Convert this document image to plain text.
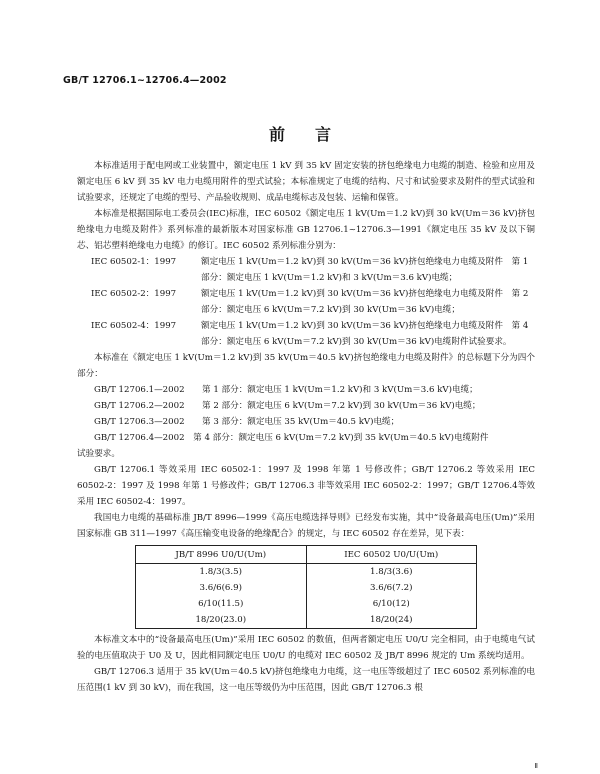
GB/T 12706.1~12706.4—2002
前言

本标准适用于配电网或工业装置中，额定电压 1 kV 到 35 kV 固定安装的挤包绝缘电力电缆的制造、检验和应用及额定电压 6 kV 到 35 kV 电力电缆用附件的型式试验；本标准规定了电缆的结构、尺寸和试验要求及附件的型式试验和试验要求，还规定了电缆的型号、产品验收规则、成品电缆标志及包装、运输和保管。

本标准是根据国际电工委员会(IEC)标准，IEC 60502《额定电压 1 kV(Um＝1.2 kV)到 30 kV(Um＝36 kV)挤包绝缘电力电缆及附件》系列标准的最新版本对国家标准 GB 12706.1~12706.3—1991《额定电压 35 kV 及以下铜芯、铝芯塑料绝缘电力电缆》的修订。IEC 60502 系列标准分别为：

IEC 60502-1：1997	额定电压 1 kV(Um＝1.2 kV)到 30 kV(Um＝36 kV)挤包绝缘电力电缆及附件　第 1 部分：额定电压 1 kV(Um＝1.2 kV)和 3 kV(Um＝3.6 kV)电缆；
IEC 60502-2：1997	额定电压 1 kV(Um＝1.2 kV)到 30 kV(Um＝36 kV)挤包绝缘电力电缆及附件　第 2 部分：额定电压 6 kV(Um＝7.2 kV)到 30 kV(Um＝36 kV)电缆；
IEC 60502-4：1997	额定电压 1 kV(Um＝1.2 kV)到 30 kV(Um＝36 kV)挤包绝缘电力电缆及附件　第 4 部分：额定电压 6 kV(Um＝7.2 kV)到 30 kV(Um＝36 kV)电缆附件试验要求。

本标准在《额定电压 1 kV(Um＝1.2 kV)到 35 kV(Um＝40.5 kV)挤包绝缘电力电缆及附件》的总标题下分为四个部分：

GB/T 12706.1—2002 第 1 部分：额定电压 1 kV(Um＝1.2 kV)和 3 kV(Um＝3.6 kV)电缆；
GB/T 12706.2—2002 第 2 部分：额定电压 6 kV(Um＝7.2 kV)到 30 kV(Um＝36 kV)电缆；
GB/T 12706.3—2002 第 3 部分：额定电压 35 kV(Um＝40.5 kV)电缆；

GB/T 12706.4—2002　第 4 部分：额定电压 6 kV(Um＝7.2 kV)到 35 kV(Um＝40.5 kV)电缆附件

试验要求。

GB/T 12706.1 等效采用 IEC 60502-1：1997 及 1998 年第 1 号修改件；GB/T 12706.2 等效采用 IEC 60502-2：1997 及 1998 年第 1 号修改件；GB/T 12706.3 非等效采用 IEC 60502-2：1997；GB/T 12706.4等效采用 IEC 60502-4：1997。

我国电力电缆的基础标准 JB/T 8996—1999《高压电缆选择导则》已经发布实施，其中“设备最高电压(Um)”采用国家标准 GB 311—1997《高压输变电设备的绝缘配合》的规定，与 IEC 60502 存在差异，见下表：

JB/T 8996 U0/U(Um)	IEC 60502 U0/U(Um)
1.8/3(3.5)	1.8/3(3.6)
3.6/6(6.9)	3.6/6(7.2)
6/10(11.5)	6/10(12)
18/20(23.0)	18/20(24)

本标准文本中的“设备最高电压(Um)”采用 IEC 60502 的数值，但两者额定电压 U0/U 完全相同，由于电缆电气试验的电压值取决于 U0 及 U，因此相同额定电压 U0/U 的电缆对 IEC 60502 及 JB/T 8996 规定的 Um 系统均适用。

GB/T 12706.3 适用于 35 kV(Um＝40.5 kV)挤包绝缘电力电缆，这一电压等级超过了 IEC 60502 系列标准的电压范围(1 kV 到 30 kV)，而在我国，这一电压等级仍为中压范围，因此 GB/T 12706.3 根

Ⅱ
